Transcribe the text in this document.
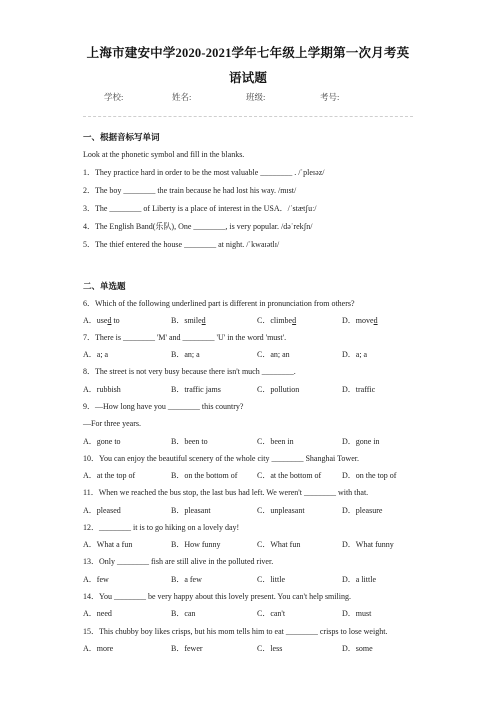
上海市建安中学2020-2021学年七年级上学期第一次月考英
语试题
学校:	姓名:	班级:	考号:
一、根据音标写单词
Look at the phonetic symbol and fill in the blanks.
1．They practice hard in order to be the most valuable ________ . /ˈpleɪəz/
2．The boy ________ the train because he had lost his way. /mɪst/
3．The ________ of Liberty is a place of interest in the USA．/ˈstætʃuː/
4．The English Band(乐队), One ________, is very popular. /dəˈrekʃn/
5．The thief entered the house ________ at night. /ˈkwaɪətlɪ/
二、单选题
6．Which of the following underlined part is different in pronunciation from others?
A．used to	B．smiled	C．climbed	D．moved
7．There is ________ 'M' and ________ 'U' in the word 'must'.
A．a; a	B．an; a	C．an; an	D．a; a
8．The street is not very busy because there isn't much ________.
A．rubbish	B．traffic jams	C．pollution	D．traffic
9．—How long have you ________ this country?
—For three years.
A．gone to	B．been to	C．been in	D．gone in
10．You can enjoy the beautiful scenery of the whole city ________ Shanghai Tower.
A．at the top of	B．on the bottom of C．at the bottom of	D．on the top of
11．When we reached the bus stop, the last bus had left. We weren't ________ with that.
A．pleased	B．pleasant	C．unpleasant	D．pleasure
12．________ it is to go hiking on a lovely day!
A．What a fun	B．How funny	C．What fun	D．What funny
13．Only ________ fish are still alive in the polluted river.
A．few	B．a few	C．little	D．a little
14．You ________ be very happy about this lovely present. You can't help smiling.
A．need	B．can	C．can't	D．must
15．This chubby boy likes crisps, but his mom tells him to eat ________ crisps to lose weight.
A．more	B．fewer	C．less	D．some
